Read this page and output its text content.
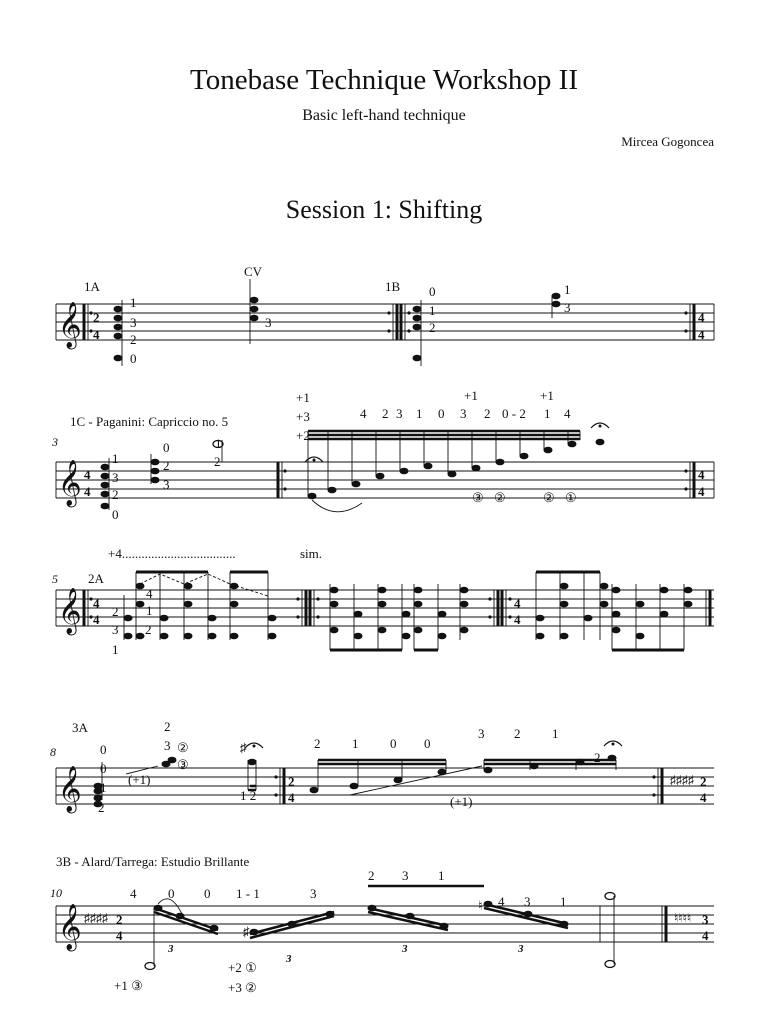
Tonebase Technique Workshop II
Basic left-hand technique
Mircea Gogoncea
Session 1: Shifting
𝄞 2
4
4
4
1A
CV
1B
1
3
2
0
3
0
1
2
1
3
𝄞
3
1C - Paganini: Capriccio no. 5
4
4
4
4
+1
+3
+2
4 2 3 1 0 3 2 0 - 2 1 4
+1	+1
③ ②	② ①
1
3
2
0
0
2
3
2
1
𝄞
5 2A
+4...................................	sim.
4
4
4
4
4
1
2
3
1
2
𝄞
8
3A
2
4
♯♯♯♯ 2
4
0
0
1
2
(+1)
2
3 ②
③
1 2
♯	2 1 0 0
3 2 1
2
(+1)
𝄞
10
3B - Alard/Tarrega: Estudio Brillante
♯♯♯♯ 2
4
♮♮♮♮ 3
4
4 0 0 1 - 1	3
2 3 1
4 3 1
+1 ③
+2 ①
+3 ②
3
3
3	3
♯
♮
